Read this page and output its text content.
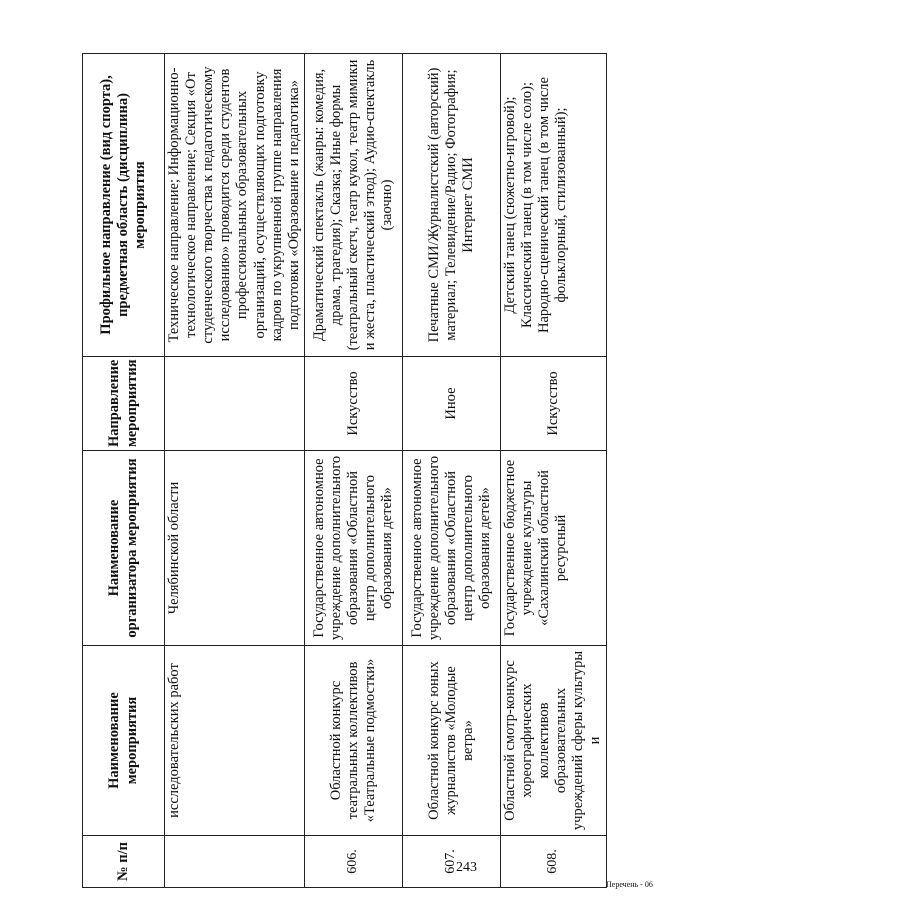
243
Перечень - 06
№ п/п	Наименование мероприятия	Наименование организатора мероприятия	Направление мероприятия	Профильное направление (вид спорта), предметная область (дисциплина) мероприятия
	исследовательских работ	Челябинской области		Техническое направление; Информационно-технологическое направление; Секция «От студенческого творчества к педагогическому исследованию» проводится среди студентов профессиональных образовательных организаций, осуществляющих подготовку кадров по укрупненной группе направления подготовки «Образование и педагогика»
606.	Областной конкурс театральных коллективов «Театральные подмостки»	Государственное автономное учреждение дополнительного образования «Областной центр дополнительного образования детей»	Искусство	Драматический спектакль (жанры: комедия, драма, трагедия); Сказка; Иные формы (театральный скетч, театр кукол, театр мимики и жеста, пластический этюд); Аудио-спектакль (заочно)
607.	Областной конкурс юных журналистов «Молодые ветра»	Государственное автономное учреждение дополнительного образования «Областной центр дополнительного образования детей»	Иное	Печатные СМИ/Журналистский (авторский) материал; Телевидение/Радио; Фотография; Интернет СМИ
608.	Областной смотр-конкурс хореографических коллективов образовательных учреждений сферы культуры и	Государственное бюджетное учреждение культуры «Сахалинский областной ресурсный	Искусство	Детский танец (сюжетно-игровой); Классический танец (в том числе соло); Народно-сценический танец (в том числе фольклорный, стилизованный);
